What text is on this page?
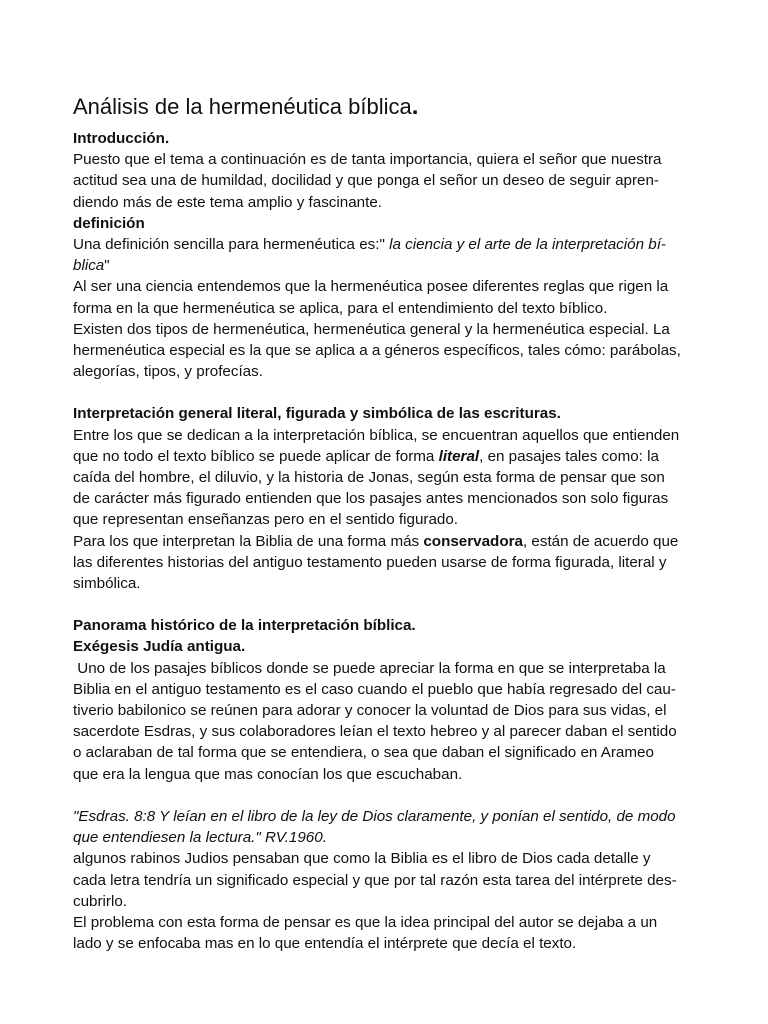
Análisis de la hermenéutica bíblica.
Introducción.
Puesto que el tema a continuación es de tanta importancia, quiera el señor que nuestra
actitud sea una de humildad, docilidad y que ponga el señor un deseo de seguir apren-
diendo más de este tema amplio y fascinante.
definición
Una definición sencilla para hermenéutica es:" la ciencia y el arte de la interpretación bí-
blica"
Al ser una ciencia entendemos que la hermenéutica posee diferentes reglas que rigen la
forma en la que hermenéutica se aplica, para el entendimiento del texto bíblico.
Existen dos tipos de hermenéutica, hermenéutica general y la hermenéutica especial. La
hermenéutica especial es la que se aplica a a géneros específicos, tales cómo: parábolas,
alegorías, tipos, y profecías.
Interpretación general literal, figurada y simbólica de las escrituras.
Entre los que se dedican a la interpretación bíblica, se encuentran aquellos que entienden
que no todo el texto bíblico se puede aplicar de forma literal, en pasajes tales como: la
caída del hombre, el diluvio, y la historia de Jonas, según esta forma de pensar que son
de carácter más figurado entienden que los pasajes antes mencionados son solo figuras
que representan enseñanzas pero en el sentido figurado.
Para los que interpretan la Biblia de una forma más conservadora, están de acuerdo que
las diferentes historias del antiguo testamento pueden usarse de forma figurada, literal y
simbólica.
Panorama histórico de la interpretación bíblica.
Exégesis Judía antigua.
Uno de los pasajes bíblicos donde se puede apreciar la forma en que se interpretaba la
Biblia en el antiguo testamento es el caso cuando el pueblo que había regresado del cau-
tiverio babilonico se reúnen para adorar y conocer la voluntad de Dios para sus vidas, el
sacerdote Esdras, y sus colaboradores leían el texto hebreo y al parecer daban el sentido
o aclaraban de tal forma que se entendiera, o sea que daban el significado en Arameo
que era la lengua que mas conocían los que escuchaban.
"Esdras. 8:8 Y leían en el libro de la ley de Dios claramente, y ponían el sentido, de modo
que entendiesen la lectura." RV.1960.
algunos rabinos Judios pensaban que como la Biblia es el libro de Dios cada detalle y
cada letra tendría un significado especial y que por tal razón esta tarea del intérprete des-
cubrirlo.
El problema con esta forma de pensar es que la idea principal del autor se dejaba a un
lado y se enfocaba mas en lo que entendía el intérprete que decía el texto.
